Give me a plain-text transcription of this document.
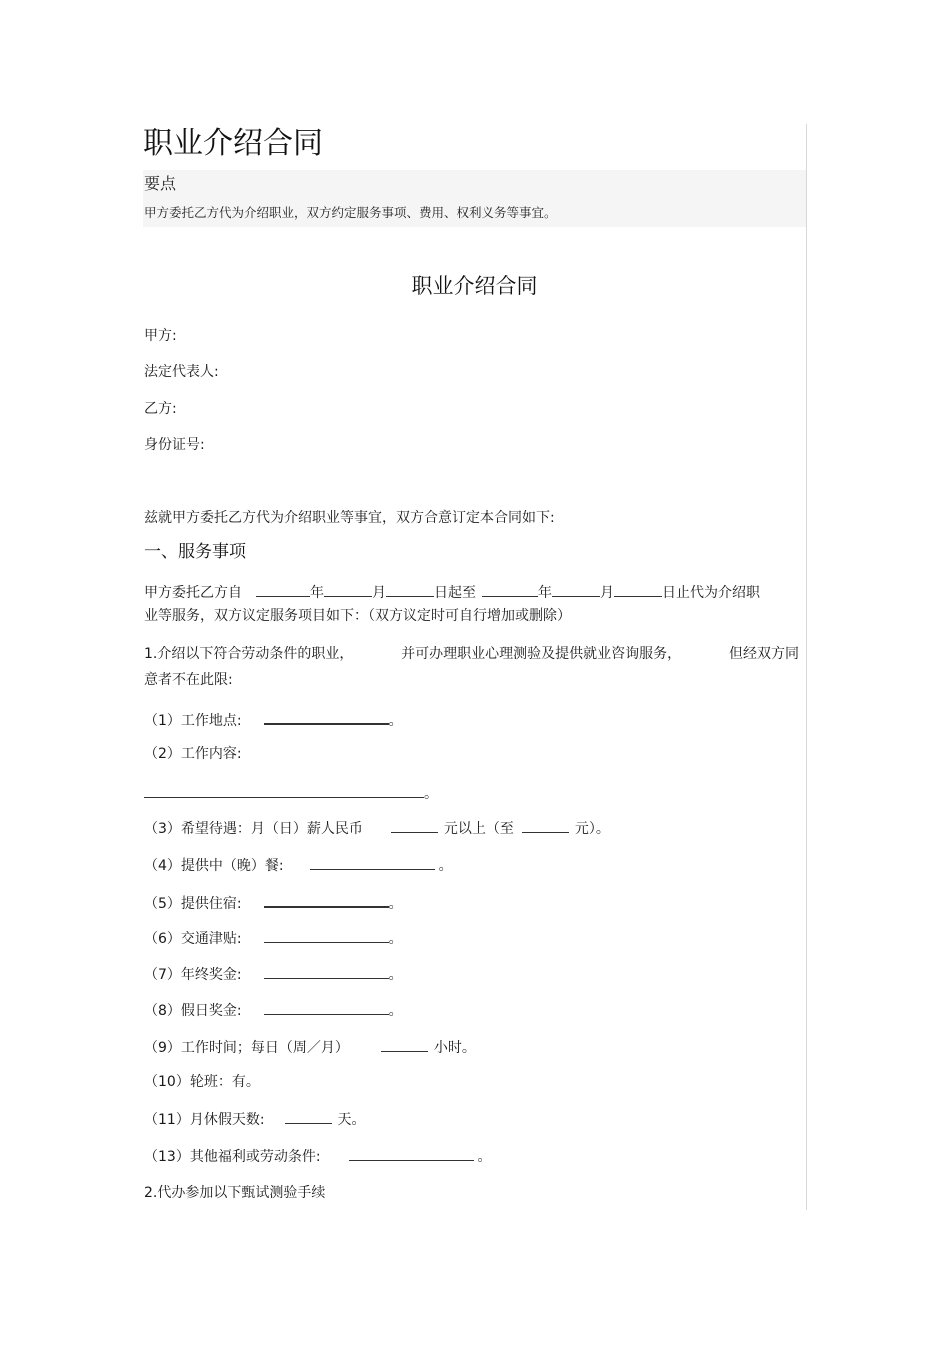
职业介绍合同
要点
甲方委托乙方代为介绍职业，双方约定服务事项、费用、权利义务等事宜。
职业介绍合同
甲方:
法定代表人:
乙方:
身份证号:
兹就甲方委托乙方代为介绍职业等事宜，双方合意订定本合同如下:
一、服务事项
甲方委托乙方自	年	月	日起至	年	月	日止代为介绍职
业等服务，双方议定服务项目如下：（双方议定时可自行增加或删除）
1.介绍以下符合劳动条件的职业，	并可办理职业心理测验及提供就业咨询服务，	但经双方同
意者不在此限:
（1）工作地点:	。
（2）工作内容:
。
（3）希望待遇：月（日）薪人民币	元以上（至	元）。
（4）提供中（晚）餐:	。
（5）提供住宿:	。
（6）交通津贴:	。
（7）年终奖金:	。
（8）假日奖金:	。
（9）工作时间；每日（周／月）	小时。
（10）轮班：有。
（11）月休假天数:	天。
（13）其他福利或劳动条件:	。
2.代办参加以下甄试测验手续
